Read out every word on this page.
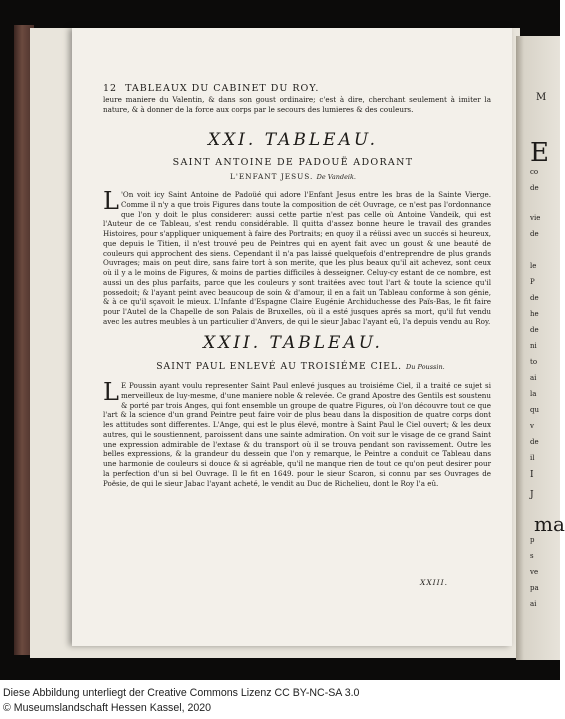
12 TABLEAUX DU CABINET DU ROY.
leure maniere du Valentin, & dans son goust ordinaire; c'est à dire, cherchant seulement à imiter la nature, & à donner de la force aux corps par le secours des lumieres & des couleurs.
XXI. TABLEAU.
SAINT ANTOINE DE PADOUË ADORANT
L'ENFANT JESUS. De Vandeik.
L 'On voit icy Saint Antoine de Padoüé qui adore l'Enfant Jesus entre les bras de la Sainte Vierge. Comme il n'y a que trois Figures dans toute la composition de cét Ouvrage, ce n'est pas l'ordonnance que l'on y doit le plus considerer: aussi cette partie n'est pas celle où Antoine Vandeik, qui est l'Auteur de ce Tableau, s'est rendu considérable. Il quitta d'assez bonne heure le travail des grandes Histoires, pour s'appliquer uniquement à faire des Portraits; en quoy il a réüssi avec un succés si heureux, que depuis le Titien, il n'est trouvé peu de Peintres qui en ayent fait avec un goust & une beauté de couleurs qui approchent des siens. Cependant il n'a pas laissé quelquefois d'entreprendre de plus grands Ouvrages; mais on peut dire, sans faire tort à son merite, que les plus beaux qu'il ait achevez, sont ceux où il y a le moins de Figures, & moins de parties difficiles à desseigner. Celuy-cy estant de ce nombre, est aussi un des plus parfaits, parce que les couleurs y sont traitées avec tout l'art & toute la science qu'il possedoit; & l'ayant peint avec beaucoup de soin & d'amour, il en a fait un Tableau conforme à son génie, & à ce qu'il sçavoit le mieux. L'Infante d'Espagne Claire Eugénie Archiduchesse des Païs-Bas, le fit faire pour l'Autel de la Chapelle de son Palais de Bruxelles, où il a esté jusques aprés sa mort, qu'il fut vendu avec les autres meubles à un particulier d'Anvers, de qui le sieur Jabac l'ayant eû, l'a depuis vendu au Roy.
XXII. TABLEAU.
SAINT PAUL ENLEVÉ AU TROISIÉME CIEL. Du Poussin.
L E Poussin ayant voulu representer Saint Paul enlevé jusques au troisiéme Ciel, il a traité ce sujet si merveilleux de luy-mesme, d'une maniere noble & relevée. Ce grand Apostre des Gentils est soustenu & porté par trois Anges, qui font ensemble un groupe de quatre Figures, où l'on découvre tout ce que l'art & la science d'un grand Peintre peut faire voir de plus beau dans la disposition de quatre corps dont les attitudes sont differentes. L'Ange, qui est le plus élevé, montre à Saint Paul le Ciel ouvert; & les deux autres, qui le soustiennent, paroissent dans une sainte admiration. On voit sur le visage de ce grand Saint une expression admirable de l'extase & du transport où il se trouva pendant son ravissement. Outre les belles expressions, & la grandeur du dessein que l'on y remarque, le Peintre a conduit ce Tableau dans une harmonie de couleurs si douce & si agréable, qu'il ne manque rien de tout ce qu'on peut desirer pour la perfection d'un si bel Ouvrage. Il le fit en 1649. pour le sieur Scaron, si connu par ses Ouvrages de Poësie, de qui le sieur Jabac l'ayant acheté, le vendit au Duc de Richelieu, dont le Roy l'a eû.
XXIII.
M
E
co
de
vie
de
le
P
de
he
de
ni
to
ai
la
qu
v
de
il
I
J
ma
p
s
ve
pa
ai
Diese Abbildung unterliegt der Creative Commons Lizenz CC BY-NC-SA 3.0
© Museumslandschaft Hessen Kassel, 2020
